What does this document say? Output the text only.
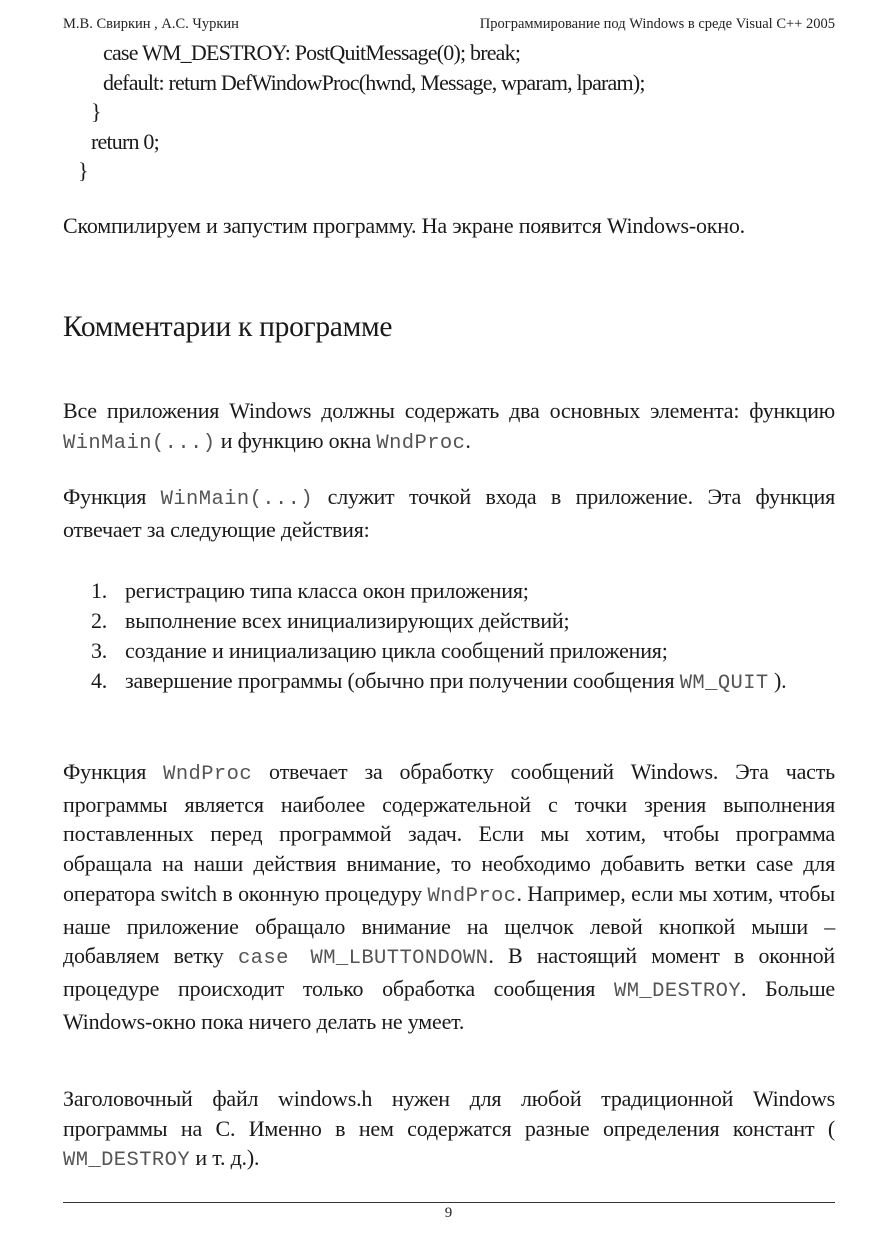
М.В. Свиркин , А.С. Чуркин	Программирование под Windows в среде Visual C++ 2005
case WM_DESTROY: PostQuitMessage(0); break;
default: return DefWindowProc(hwnd, Message, wparam, lparam);
}
return 0;
}

Скомпилируем и запустим программу. На экране появится Windows-окно.

Комментарии к программе

Все приложения Windows должны содержать два основных элемента: функцию WinMain(...) и функцию окна WndProc.

Функция WinMain(...) служит точкой входа в приложение. Эта функция отвечает за следующие действия:

1. регистрацию типа класса окон приложения;
2. выполнение всех инициализирующих действий;
3. создание и инициализацию цикла сообщений приложения;
4. завершение программы (обычно при получении сообщения WM_QUIT ).

Функция WndProc отвечает за обработку сообщений Windows. Эта часть программы является наиболее содержательной с точки зрения выполнения поставленных перед программой задач. Если мы хотим, чтобы программа обращала на наши действия внимание, то необходимо добавить ветки case для оператора switch в оконную процедуру WndProc. Например, если мы хотим, чтобы наше приложение обращало внимание на щелчок левой кнопкой мыши – добавляем ветку case WM_LBUTTONDOWN. В настоящий момент в оконной процедуре происходит только обработка сообщения WM_DESTROY. Больше Windows-окно пока ничего делать не умеет.

Заголовочный файл windows.h нужен для любой традиционной Windows программы на C. Именно в нем содержатся разные определения констант ( WM_DESTROY и т. д.).

9
